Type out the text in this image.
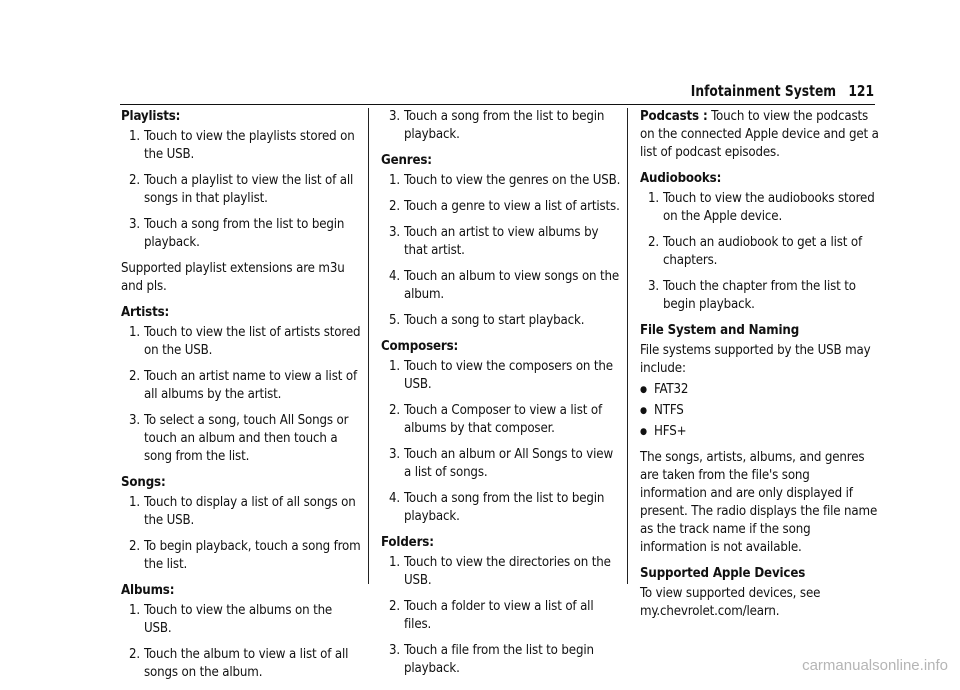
Infotainment System 121
Playlists:
1. Touch to view the playlists stored on the USB.
2. Touch a playlist to view the list of all songs in that playlist.
3. Touch a song from the list to begin playback.

Supported playlist extensions are m3u and pls.

Artists:
1. Touch to view the list of artists stored on the USB.
2. Touch an artist name to view a list of all albums by the artist.
3. To select a song, touch All Songs or touch an album and then touch a song from the list.
Songs:
1. Touch to display a list of all songs on the USB.
2. To begin playback, touch a song from the list.
Albums:
1. Touch to view the albums on the USB.
2. Touch the album to view a list of all songs on the album.
3. Touch a song from the list to begin playback.
Genres:
1. Touch to view the genres on the USB.
2. Touch a genre to view a list of artists.
3. Touch an artist to view albums by that artist.
4. Touch an album to view songs on the album.
5. Touch a song to start playback.
Composers:
1. Touch to view the composers on the USB.
2. Touch a Composer to view a list of albums by that composer.
3. Touch an album or All Songs to view a list of songs.
4. Touch a song from the list to begin playback.
Folders:
1. Touch to view the directories on the USB.
2. Touch a folder to view a list of all files.
3. Touch a file from the list to begin playback.

Podcasts : Touch to view the podcasts on the connected Apple device and get a list of podcast episodes.

Audiobooks:
1. Touch to view the audiobooks stored on the Apple device.
2. Touch an audiobook to get a list of chapters.
3. Touch the chapter from the list to begin playback.
File System and Naming

File systems supported by the USB may include:

● FAT32
● NTFS
● HFS+

The songs, artists, albums, and genres are taken from the file's song information and are only displayed if present. The radio displays the file name as the track name if the song information is not available.

Supported Apple Devices

To view supported devices, see my.chevrolet.com/learn.

carmanualsonline.info
